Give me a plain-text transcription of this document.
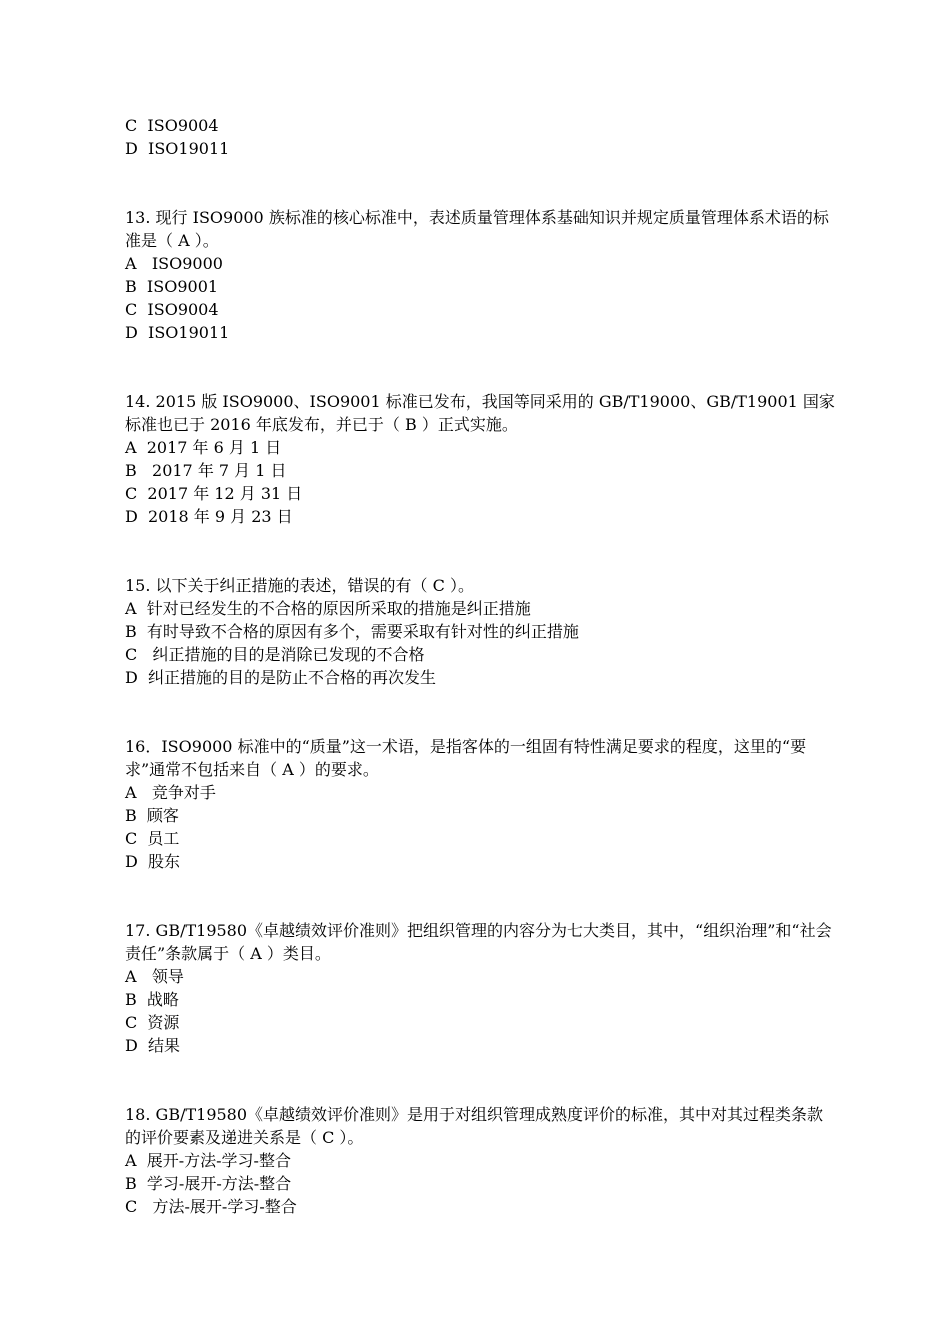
C  ISO9004
D  ISO19011
13. 现行 ISO9000 族标准的核心标准中，表述质量管理体系基础知识并规定质量管理体系术语的标准是（ A ）。
A   ISO9000
B  ISO9001
C  ISO9004
D  ISO19011
14. 2015 版 ISO9000、ISO9001 标准已发布，我国等同采用的 GB/T19000、GB/T19001 国家标准也已于 2016 年底发布，并已于（ B ）正式实施。
A  2017 年 6 月 1 日
B   2017 年 7 月 1 日
C  2017 年 12 月 31 日
D  2018 年 9 月 23 日
15. 以下关于纠正措施的表述，错误的有（ C ）。
A  针对已经发生的不合格的原因所采取的措施是纠正措施
B  有时导致不合格的原因有多个，需要采取有针对性的纠正措施
C   纠正措施的目的是消除已发现的不合格
D  纠正措施的目的是防止不合格的再次发生
16．ISO9000 标准中的“质量”这一术语，是指客体的一组固有特性满足要求的程度，这里的“要求”通常不包括来自（ A ）的要求。
A   竞争对手
B  顾客
C  员工
D  股东
17. GB/T19580《卓越绩效评价准则》把组织管理的内容分为七大类目，其中，“组织治理”和“社会责任”条款属于（ A ）类目。
A   领导
B  战略
C  资源
D  结果
18. GB/T19580《卓越绩效评价准则》是用于对组织管理成熟度评价的标准，其中对其过程类条款的评价要素及递进关系是（ C ）。
A  展开-方法-学习-整合
B  学习-展开-方法-整合
C   方法-展开-学习-整合
